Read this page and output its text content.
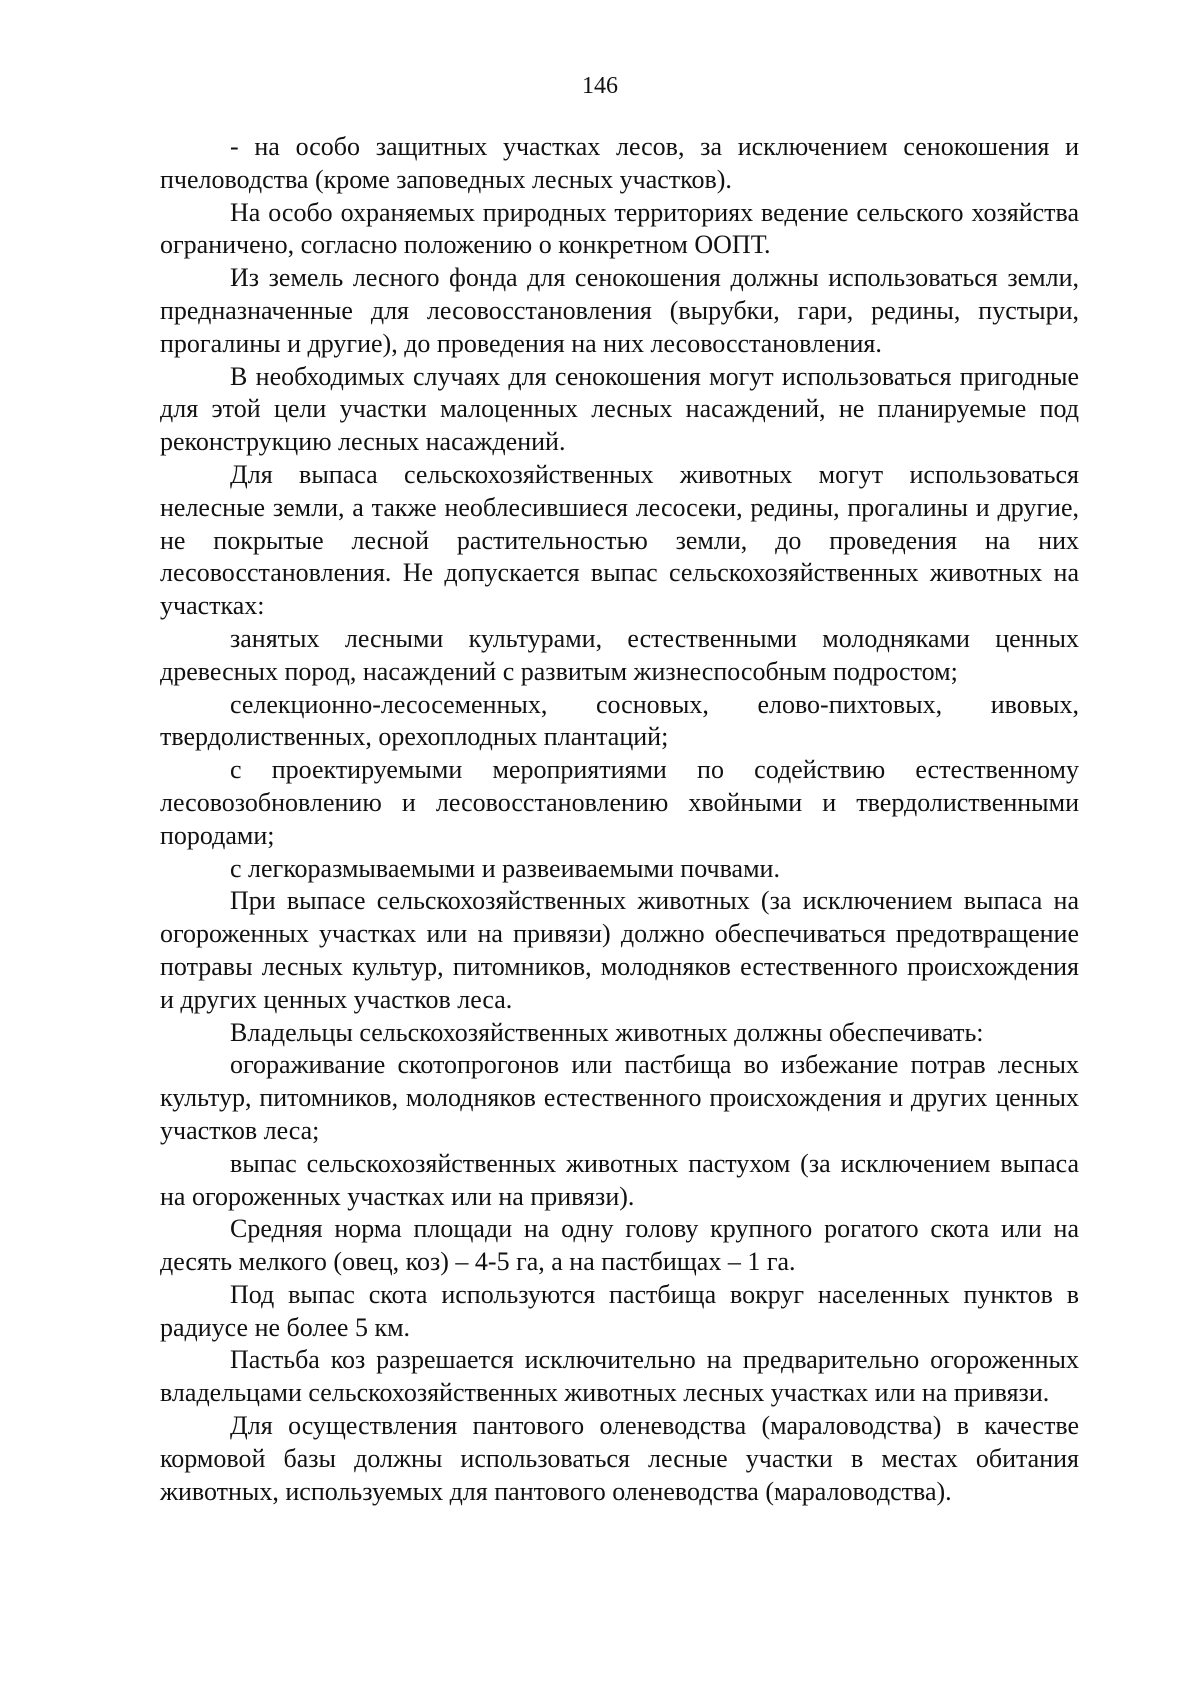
146

- на особо защитных участках лесов, за исключением сенокошения и пчеловодства (кроме заповедных лесных участков).

На особо охраняемых природных территориях ведение сельского хозяйства ограничено, согласно положению о конкретном ООПТ.

Из земель лесного фонда для сенокошения должны использоваться земли, предназначенные для лесовосстановления (вырубки, гари, редины, пустыри, прогалины и другие), до проведения на них лесовосстановления.

В необходимых случаях для сенокошения могут использоваться пригодные для этой цели участки малоценных лесных насаждений, не планируемые под реконструкцию лесных насаждений.

Для выпаса сельскохозяйственных животных могут использоваться нелесные земли, а также необлесившиеся лесосеки, редины, прогалины и другие, не покрытые лесной растительностью земли, до проведения на них лесовосстановления. Не допускается выпас сельскохозяйственных животных на участках:

занятых лесными культурами, естественными молодняками ценных древесных пород, насаждений с развитым жизнеспособным подростом;

селекционно-лесосеменных, сосновых, елово-пихтовых, ивовых, твердолиственных, орехоплодных плантаций;

с проектируемыми мероприятиями по содействию естественному лесовозобновлению и лесовосстановлению хвойными и твердолиственными породами;

с легкоразмываемыми и развеиваемыми почвами.

При выпасе сельскохозяйственных животных (за исключением выпаса на огороженных участках или на привязи) должно обеспечиваться предотвращение потравы лесных культур, питомников, молодняков естественного происхождения и других ценных участков леса.

Владельцы сельскохозяйственных животных должны обеспечивать:

огораживание скотопрогонов или пастбища во избежание потрав лесных культур, питомников, молодняков естественного происхождения и других ценных участков леса;

выпас сельскохозяйственных животных пастухом (за исключением выпаса на огороженных участках или на привязи).

Средняя норма площади на одну голову крупного рогатого скота или на десять мелкого (овец, коз) – 4-5 га, а на пастбищах – 1 га.

Под выпас скота используются пастбища вокруг населенных пунктов в радиусе не более 5 км.

Пастьба коз разрешается исключительно на предварительно огороженных владельцами сельскохозяйственных животных лесных участках или на привязи.

Для осуществления пантового оленеводства (мараловодства) в качестве кормовой базы должны использоваться лесные участки в местах обитания животных, используемых для пантового оленеводства (мараловодства).
